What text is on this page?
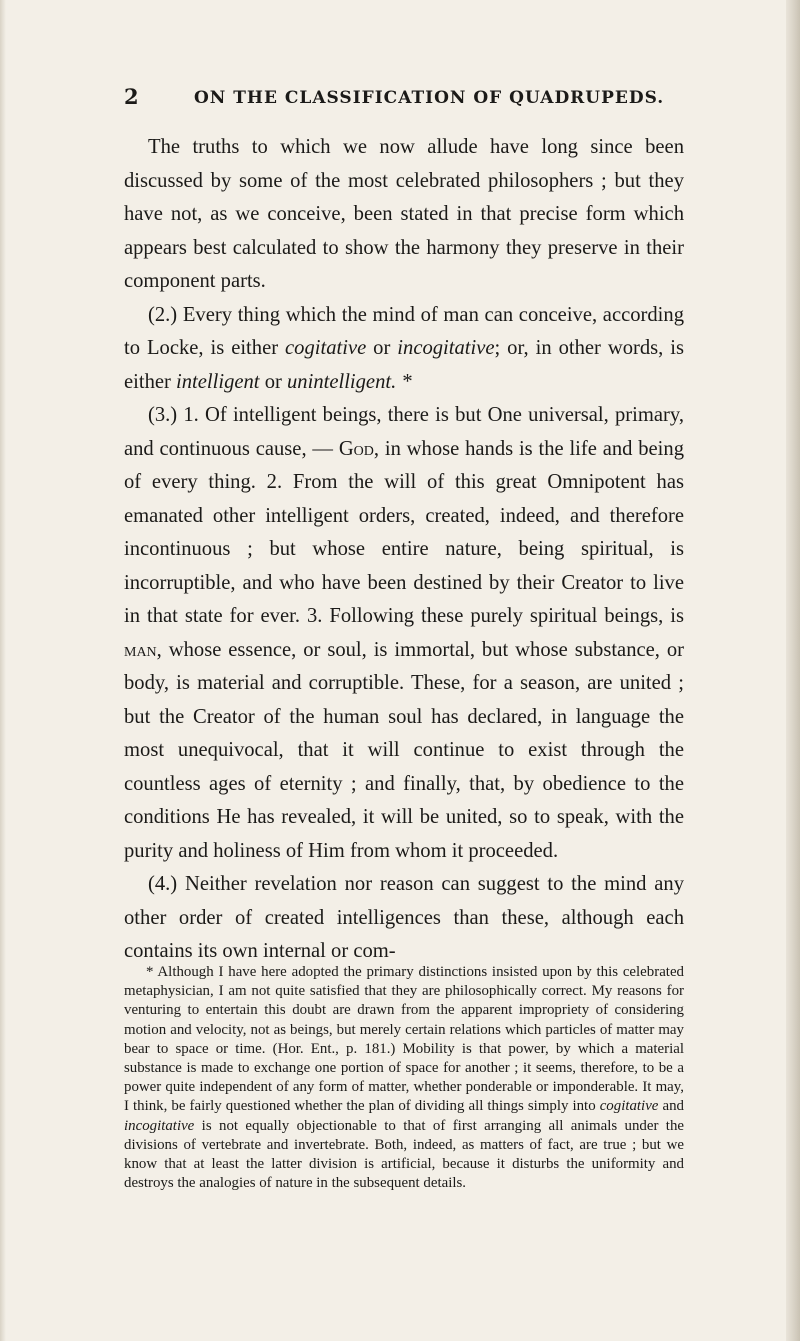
2	ON THE CLASSIFICATION OF QUADRUPEDS.

The truths to which we now allude have long since been discussed by some of the most celebrated philosophers ; but they have not, as we conceive, been stated in that precise form which appears best calculated to show the harmony they preserve in their component parts.

(2.) Every thing which the mind of man can conceive, according to Locke, is either cogitative or incogitative; or, in other words, is either intelligent or unintelligent. *

(3.) 1. Of intelligent beings, there is but One universal, primary, and continuous cause, — God, in whose hands is the life and being of every thing. 2. From the will of this great Omnipotent has emanated other intelligent orders, created, indeed, and therefore incontinuous ; but whose entire nature, being spiritual, is incorruptible, and who have been destined by their Creator to live in that state for ever. 3. Following these purely spiritual beings, is man, whose essence, or soul, is immortal, but whose substance, or body, is material and corruptible. These, for a season, are united ; but the Creator of the human soul has declared, in language the most unequivocal, that it will continue to exist through the countless ages of eternity ; and finally, that, by obedience to the conditions He has revealed, it will be united, so to speak, with the purity and holiness of Him from whom it proceeded.

(4.) Neither revelation nor reason can suggest to the mind any other order of created intelligences than these, although each contains its own internal or com-

* Although I have here adopted the primary distinctions insisted upon by this celebrated metaphysician, I am not quite satisfied that they are philosophically correct. My reasons for venturing to entertain this doubt are drawn from the apparent impropriety of considering motion and velocity, not as beings, but merely certain relations which particles of matter may bear to space or time. (Hor. Ent., p. 181.) Mobility is that power, by which a material substance is made to exchange one portion of space for another ; it seems, therefore, to be a power quite independent of any form of matter, whether ponderable or imponderable. It may, I think, be fairly questioned whether the plan of dividing all things simply into cogitative and incogitative is not equally objectionable to that of first arranging all animals under the divisions of vertebrate and invertebrate. Both, indeed, as matters of fact, are true ; but we know that at least the latter division is artificial, because it disturbs the uniformity and destroys the analogies of nature in the subsequent details.
